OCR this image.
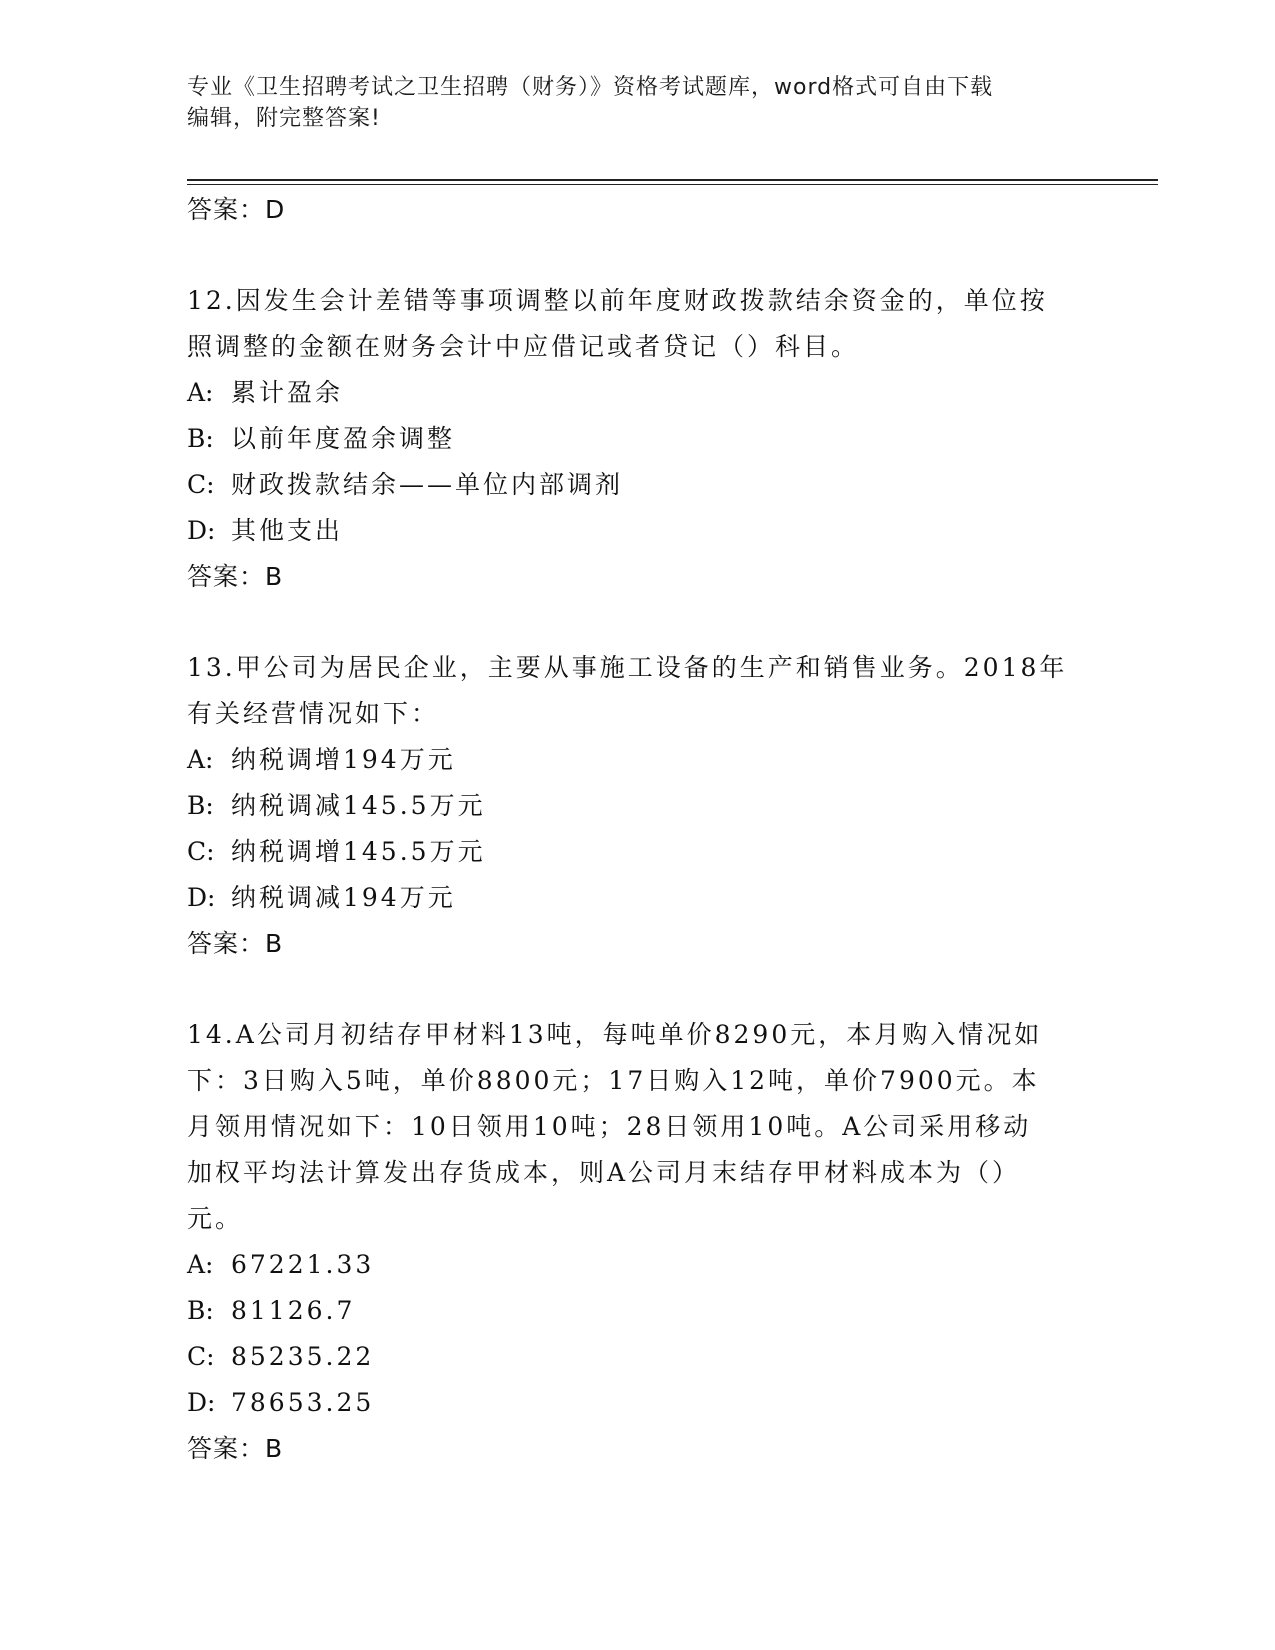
专业《卫生招聘考试之卫生招聘（财务）》资格考试题库，word格式可自由下载
编辑，附完整答案!
答案：D
12.因发生会计差错等事项调整以前年度财政拨款结余资金的，单位按
照调整的金额在财务会计中应借记或者贷记（）科目。
A: 累计盈余
B: 以前年度盈余调整
C: 财政拨款结余——单位内部调剂
D: 其他支出
答案：B
13.甲公司为居民企业，主要从事施工设备的生产和销售业务。2018年
有关经营情况如下：
A: 纳税调增194万元
B: 纳税调减145.5万元
C: 纳税调增145.5万元
D: 纳税调减194万元
答案：B
14.A公司月初结存甲材料13吨，每吨单价8290元，本月购入情况如
下：3日购入5吨，单价8800元；17日购入12吨，单价7900元。本
月领用情况如下：10日领用10吨；28日领用10吨。A公司采用移动
加权平均法计算发出存货成本，则A公司月末结存甲材料成本为（）
元。
A: 67221.33
B: 81126.7
C: 85235.22
D: 78653.25
答案：B
